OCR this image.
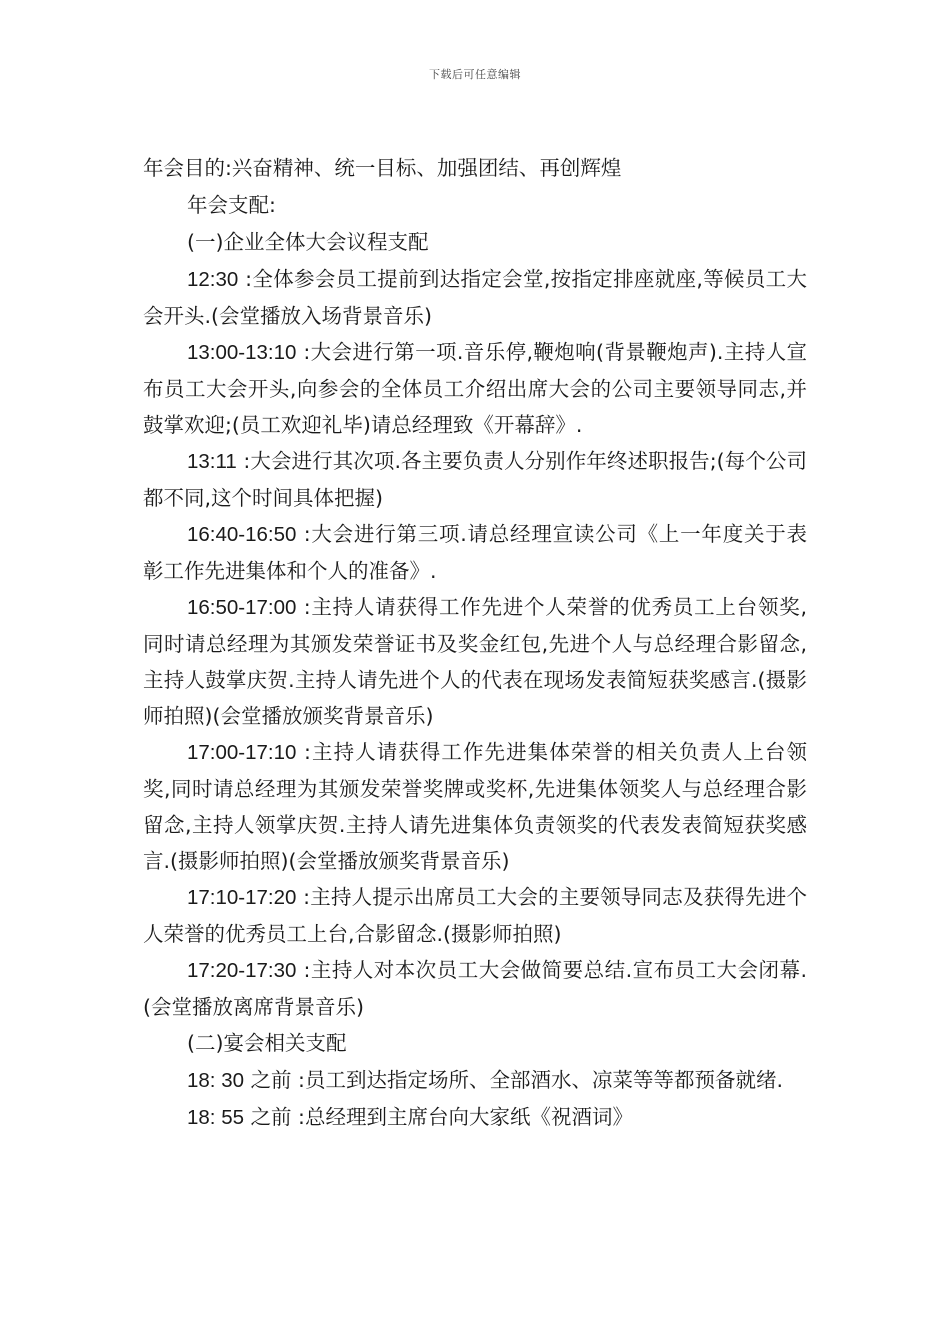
下载后可任意编辑

年会目的:兴奋精神、统一目标、加强团结、再创辉煌

年会支配:

(一)企业全体大会议程支配

12:30 :全体参会员工提前到达指定会堂,按指定排座就座,等候员工大会开头.(会堂播放入场背景音乐)

13:00-13:10 :大会进行第一项.音乐停,鞭炮响(背景鞭炮声).主持人宣布员工大会开头,向参会的全体员工介绍出席大会的公司主要领导同志,并鼓掌欢迎;(员工欢迎礼毕)请总经理致《开幕辞》.

13:11 :大会进行其次项.各主要负责人分别作年终述职报告;(每个公司都不同,这个时间具体把握)

16:40-16:50 :大会进行第三项.请总经理宣读公司《上一年度关于表彰工作先进集体和个人的准备》.

16:50-17:00 :主持人请获得工作先进个人荣誉的优秀员工上台领奖,同时请总经理为其颁发荣誉证书及奖金红包,先进个人与总经理合影留念,主持人鼓掌庆贺.主持人请先进个人的代表在现场发表简短获奖感言.(摄影师拍照)(会堂播放颁奖背景音乐)

17:00-17:10 :主持人请获得工作先进集体荣誉的相关负责人上台领奖,同时请总经理为其颁发荣誉奖牌或奖杯,先进集体领奖人与总经理合影留念,主持人领掌庆贺.主持人请先进集体负责领奖的代表发表简短获奖感言.(摄影师拍照)(会堂播放颁奖背景音乐)

17:10-17:20 :主持人提示出席员工大会的主要领导同志及获得先进个人荣誉的优秀员工上台,合影留念.(摄影师拍照)

17:20-17:30 :主持人对本次员工大会做简要总结.宣布员工大会闭幕.(会堂播放离席背景音乐)

(二)宴会相关支配

18: 30 之前 :员工到达指定场所、全部酒水、凉菜等等都预备就绪.

18: 55 之前 :总经理到主席台向大家纸《祝酒词》
